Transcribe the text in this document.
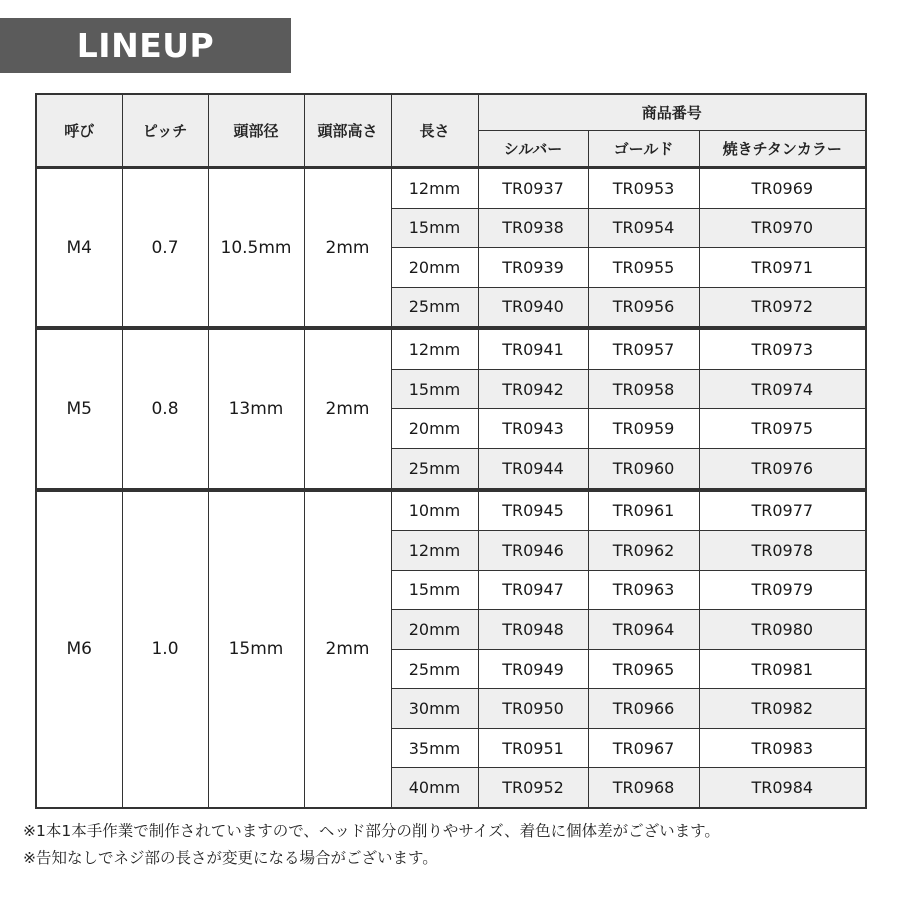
LINEUP
呼び	ピッチ	頭部径	頭部高さ	長さ	商品番号		
					シルバー	ゴールド	焼きチタンカラー
M4	0.7	10.5mm	2mm	12mm	TR0937	TR0953	TR0969
				15mm	TR0938	TR0954	TR0970
				20mm	TR0939	TR0955	TR0971
				25mm	TR0940	TR0956	TR0972
M5	0.8	13mm	2mm	12mm	TR0941	TR0957	TR0973
				15mm	TR0942	TR0958	TR0974
				20mm	TR0943	TR0959	TR0975
				25mm	TR0944	TR0960	TR0976
M6	1.0	15mm	2mm	10mm	TR0945	TR0961	TR0977
				12mm	TR0946	TR0962	TR0978
				15mm	TR0947	TR0963	TR0979
				20mm	TR0948	TR0964	TR0980
				25mm	TR0949	TR0965	TR0981
				30mm	TR0950	TR0966	TR0982
				35mm	TR0951	TR0967	TR0983
				40mm	TR0952	TR0968	TR0984
※1本1本手作業で制作されていますので、ヘッド部分の削りやサイズ、着色に個体差がございます。
※告知なしでネジ部の長さが変更になる場合がございます。
